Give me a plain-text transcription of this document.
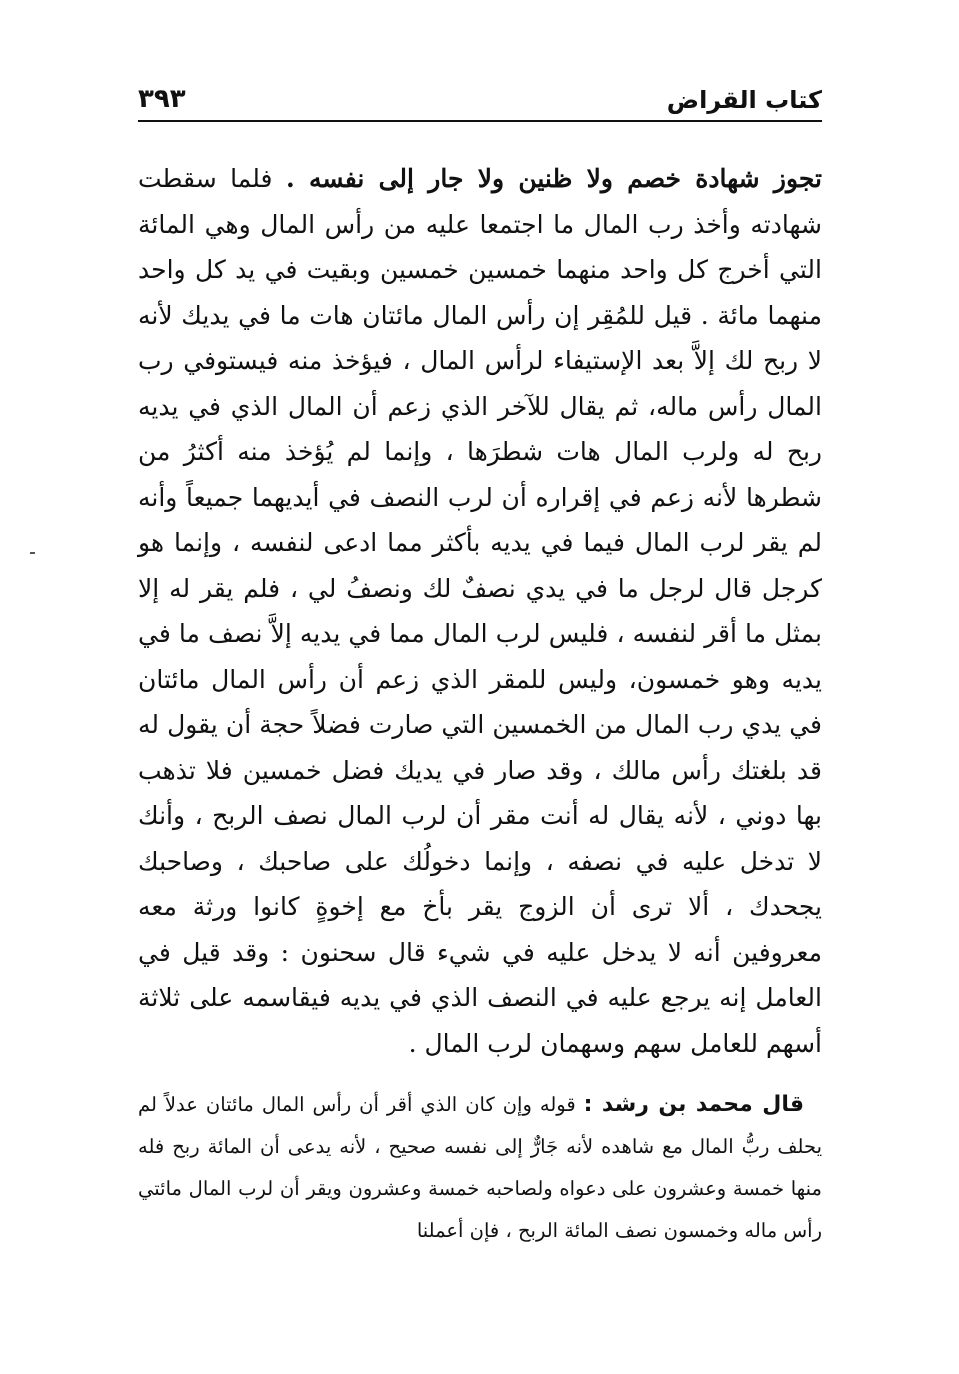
كتاب القراض
٣٩٣
تجوز شهادة خصم ولا ظنين ولا جار إلى نفسه . فلما سقطت شهادته وأخذ رب المال ما اجتمعا عليه من رأس المال وهي المائة التي أخرج كل واحد منهما خمسين خمسين وبقيت في يد كل واحد منهما مائة . قيل للمُقِر إن رأس المال مائتان هات ما في يديك لأنه لا ربح لك إلاَّ بعد الإستيفاء لرأس المال ، فيؤخذ منه فيستوفي رب المال رأس ماله، ثم يقال للآخر الذي زعم أن المال الذي في يديه ربح له ولرب المال هات شطرَها ، وإنما لم يُؤخذ منه أكثرُ من شطرها لأنه زعم في إقراره أن لرب النصف في أيديهما جميعاً وأنه لم يقر لرب المال فيما في يديه بأكثر مما ادعى لنفسه ، وإنما هو كرجل قال لرجل ما في يدي نصفٌ لك ونصفُ لي ، فلم يقر له إلا بمثل ما أقر لنفسه ، فليس لرب المال مما في يديه إلاَّ نصف ما في يديه وهو خمسون، وليس للمقر الذي زعم أن رأس المال مائتان في يدي رب المال من الخمسين التي صارت فضلاً حجة أن يقول له قد بلغتك رأس مالك ، وقد صار في يديك فضل خمسين فلا تذهب بها دوني ، لأنه يقال له أنت مقر أن لرب المال نصف الربح ، وأنك لا تدخل عليه في نصفه ، وإنما دخولُك على صاحبك ، وصاحبك يجحدك ، ألا ترى أن الزوج يقر بأخ مع إخوةٍ كانوا ورثة معه معروفين أنه لا يدخل عليه في شيء قال سحنون : وقد قيل في العامل إنه يرجع عليه في النصف الذي في يديه فيقاسمه على ثلاثة أسهم للعامل سهم وسهمان لرب المال .
قال محمد بن رشد : قوله وإن كان الذي أقر أن رأس المال مائتان عدلاً لم يحلف ربُّ المال مع شاهده لأنه جَارٌّ إلى نفسه صحيح ، لأنه يدعى أن المائة ربح فله منها خمسة وعشرون على دعواه ولصاحبه خمسة وعشرون ويقر أن لرب المال مائتي رأس ماله وخمسون نصف المائة الربح ، فإن أعملنا
